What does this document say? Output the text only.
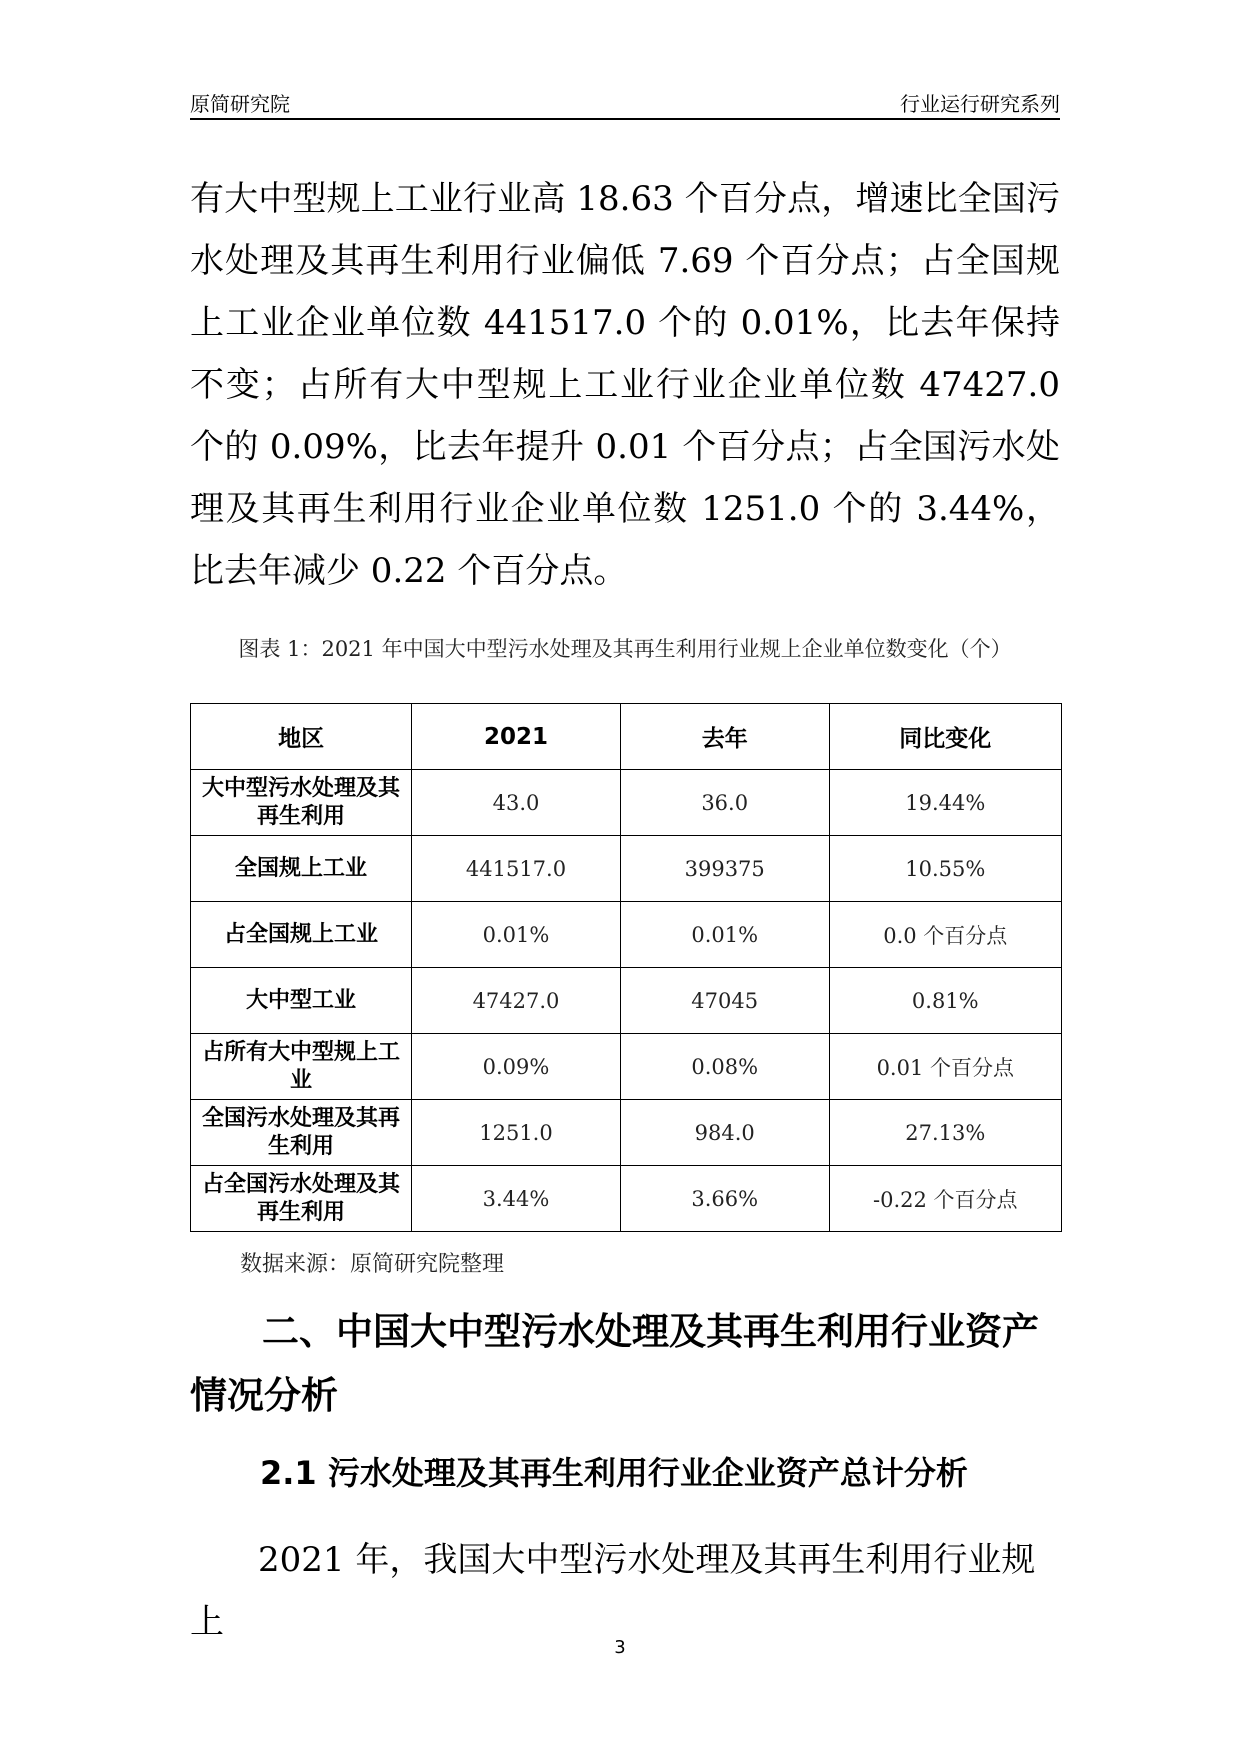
原简研究院	行业运行研究系列

有大中型规上工业行业高 18.63 个百分点，增速比全国污水处理及其再生利用行业偏低 7.69 个百分点；占全国规上工业企业单位数 441517.0 个的 0.01%，比去年保持不变；占所有大中型规上工业行业企业单位数 47427.0 个的 0.09%，比去年提升 0.01 个百分点；占全国污水处理及其再生利用行业企业单位数 1251.0 个的 3.44%，比去年减少 0.22 个百分点。

图表 1：2021 年中国大中型污水处理及其再生利用行业规上企业单位数变化（个）
地区	2021	去年	同比变化
大中型污水处理及其再生利用	43.0	36.0	19.44%
全国规上工业	441517.0	399375	10.55%
占全国规上工业	0.01%	0.01%	0.0 个百分点
大中型工业	47427.0	47045	0.81%
占所有大中型规上工业	0.09%	0.08%	0.01 个百分点
全国污水处理及其再生利用	1251.0	984.0	27.13%
占全国污水处理及其再生利用	3.44%	3.66%	-0.22 个百分点
数据来源：原简研究院整理
二、中国大中型污水处理及其再生利用行业资产情况分析
2.1 污水处理及其再生利用行业企业资产总计分析

2021 年，我国大中型污水处理及其再生利用行业规上

3
